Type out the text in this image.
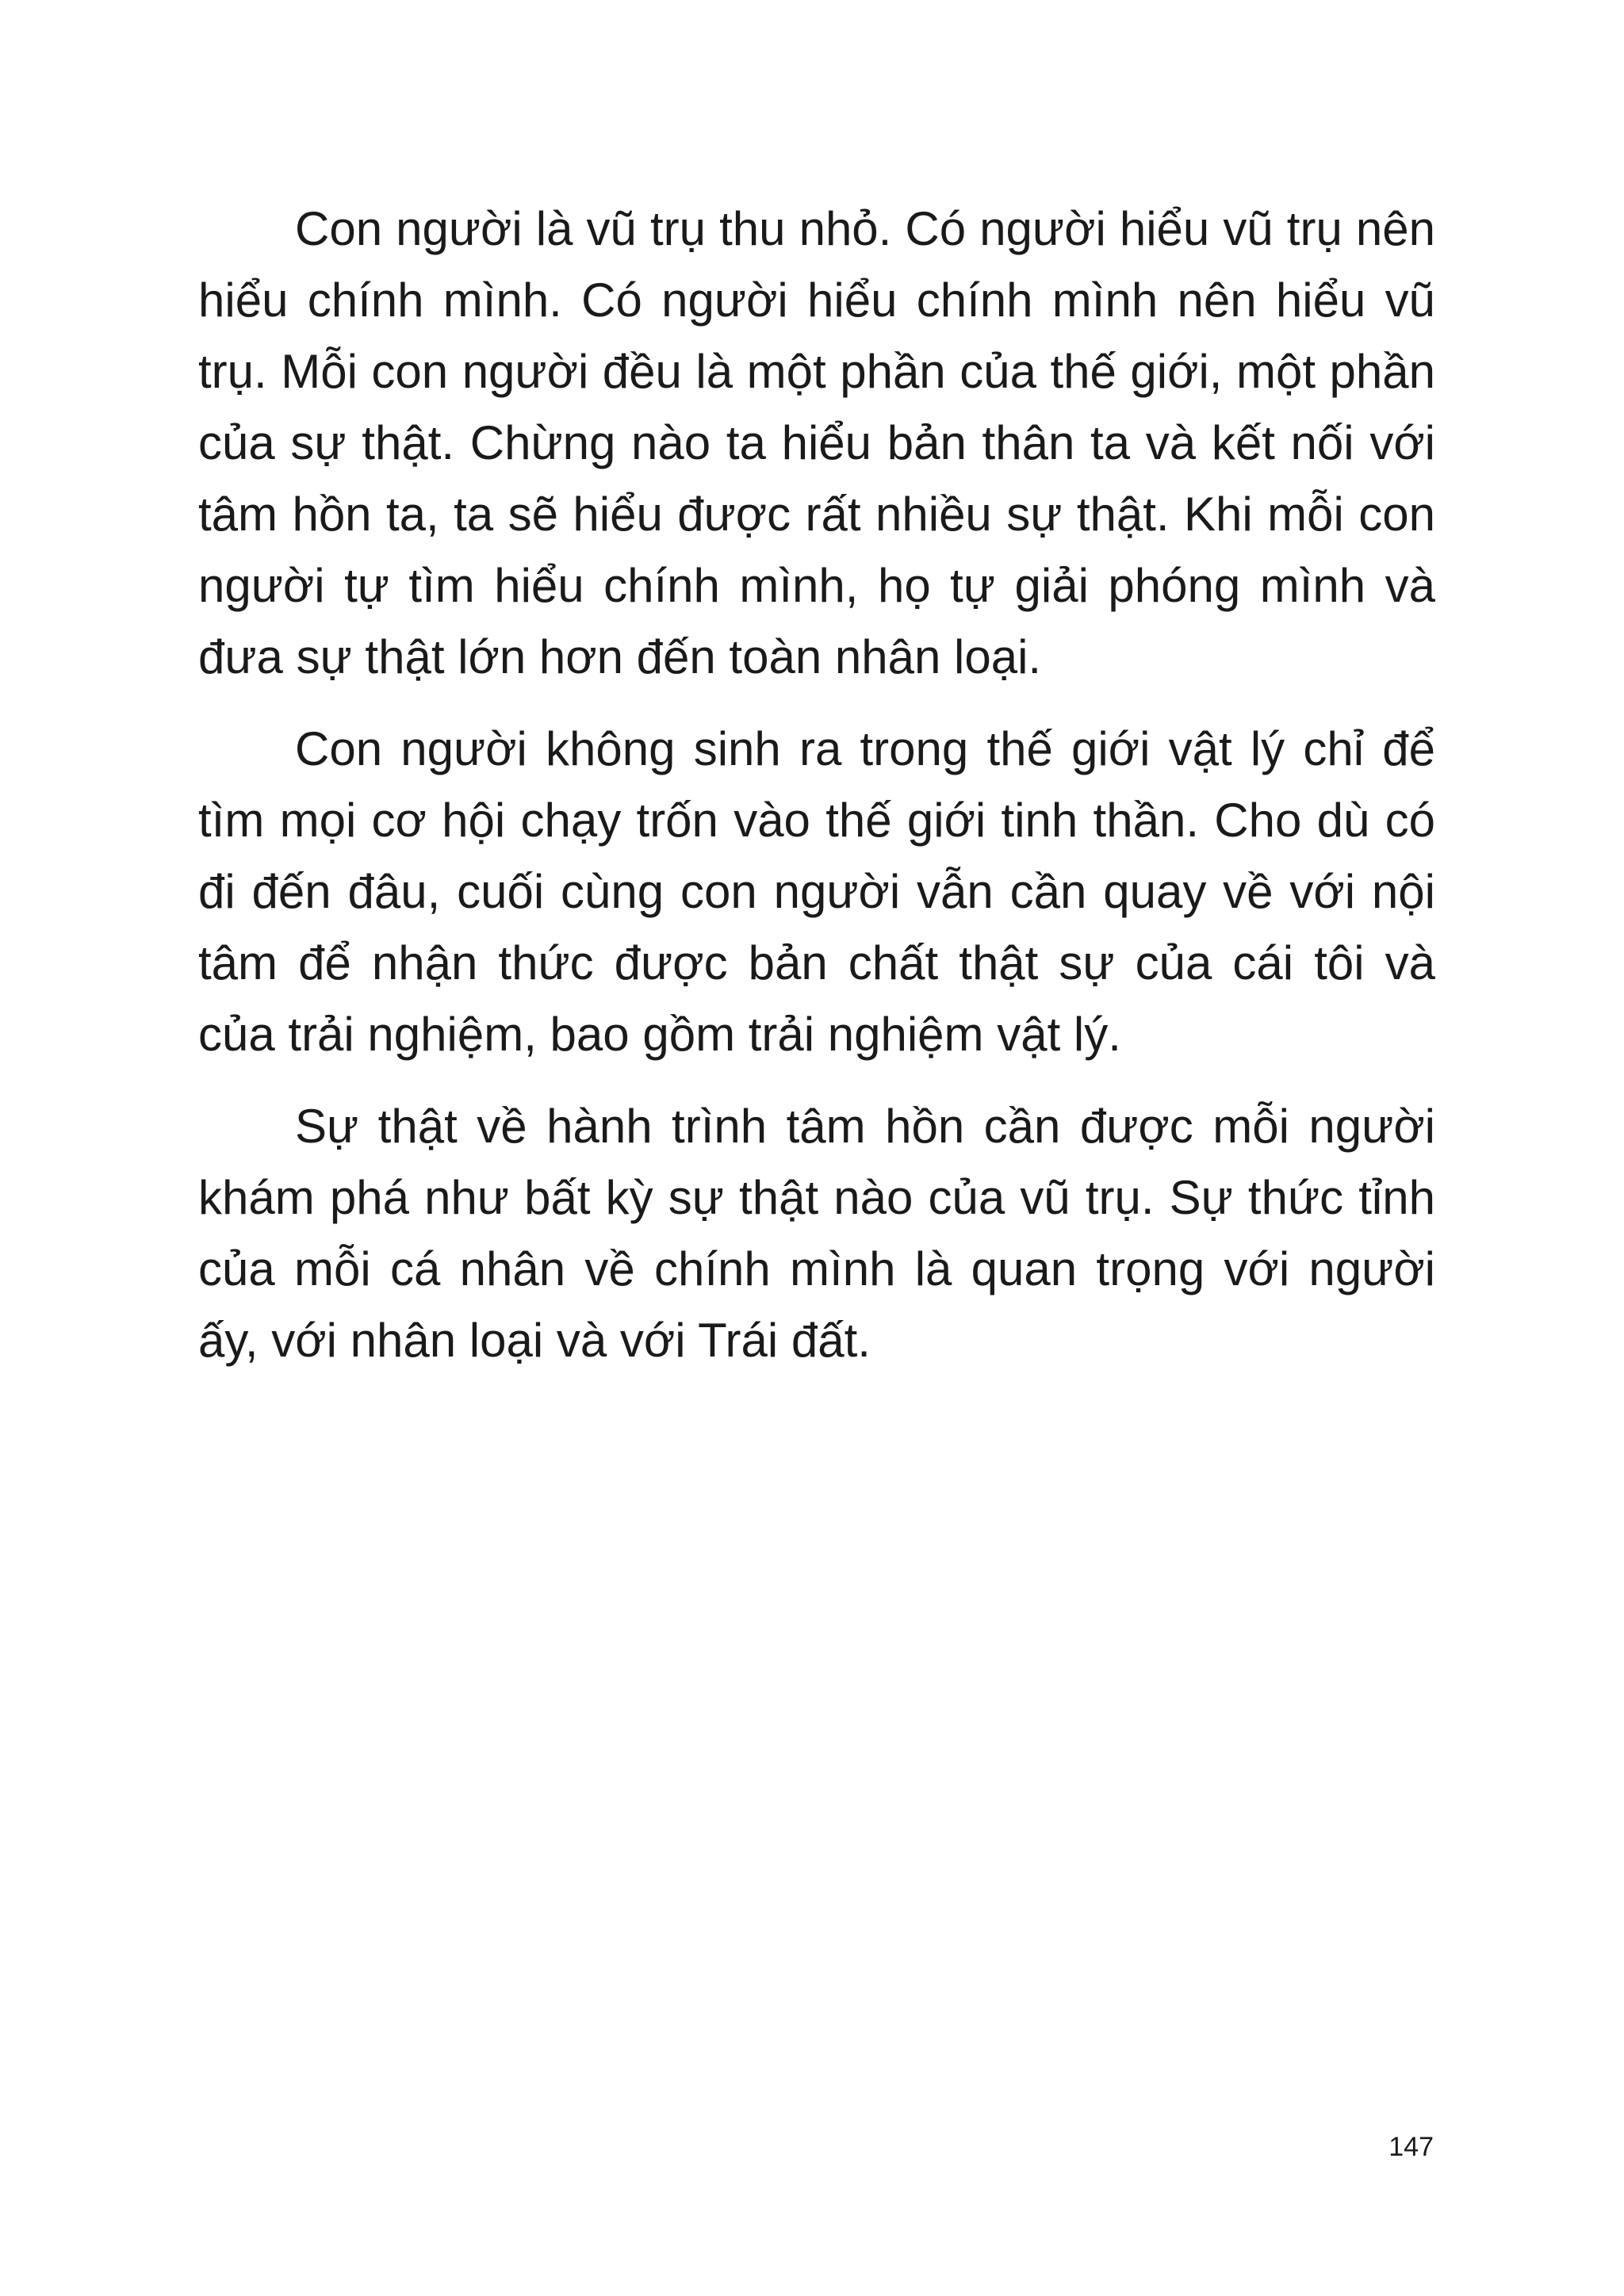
Con người là vũ trụ thu nhỏ. Có người hiểu vũ trụ nên hiểu chính mình. Có người hiểu chính mình nên hiểu vũ trụ. Mỗi con người đều là một phần của thế giới, một phần của sự thật. Chừng nào ta hiểu bản thân ta và kết nối với tâm hồn ta, ta sẽ hiểu được rất nhiều sự thật. Khi mỗi con người tự tìm hiểu chính mình, họ tự giải phóng mình và đưa sự thật lớn hơn đến toàn nhân loại.

Con người không sinh ra trong thế giới vật lý chỉ để tìm mọi cơ hội chạy trốn vào thế giới tinh thần. Cho dù có đi đến đâu, cuối cùng con người vẫn cần quay về với nội tâm để nhận thức được bản chất thật sự của cái tôi và của trải nghiệm, bao gồm trải nghiệm vật lý.

Sự thật về hành trình tâm hồn cần được mỗi người khám phá như bất kỳ sự thật nào của vũ trụ. Sự thức tỉnh của mỗi cá nhân về chính mình là quan trọng với người ấy, với nhân loại và với Trái đất.

147
